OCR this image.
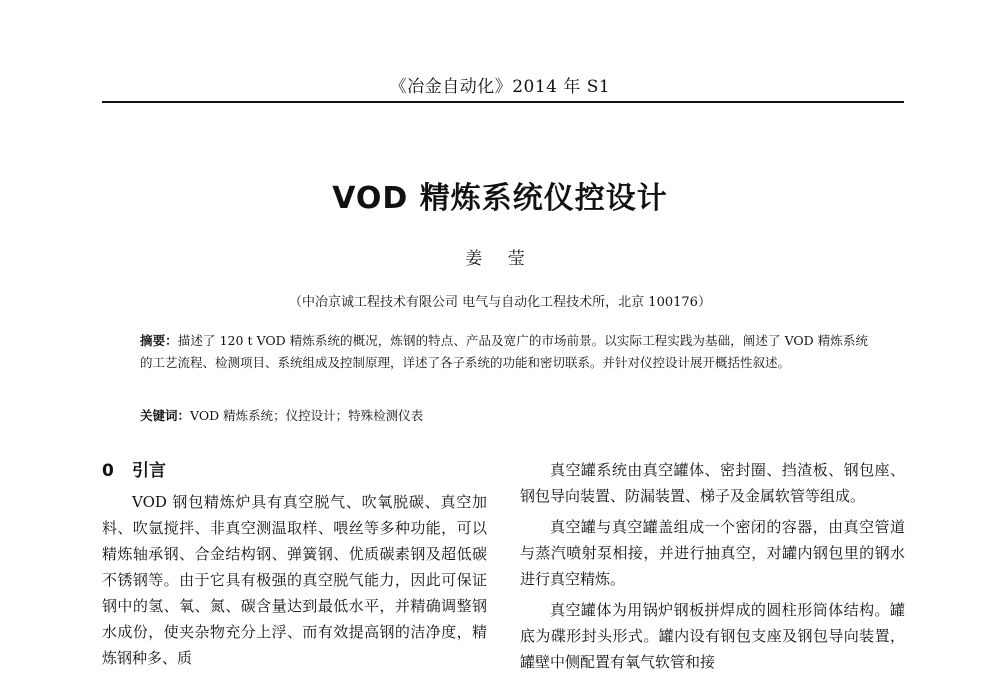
《冶金自动化》2014 年 S1
VOD 精炼系统仪控设计
姜 莹
（中冶京诚工程技术有限公司 电气与自动化工程技术所，北京 100176）

摘要：描述了 120 t VOD 精炼系统的概况，炼钢的特点、产品及宽广的市场前景。以实际工程实践为基础，阐述了 VOD 精炼系统的工艺流程、检测项目、系统组成及控制原理，详述了各子系统的功能和密切联系。并针对仪控设计展开概括性叙述。

关键词：VOD 精炼系统；仪控设计；特殊检测仪表

0 引言

VOD 钢包精炼炉具有真空脱气、吹氧脱碳、真空加料、吹氩搅拌、非真空测温取样、喂丝等多种功能，可以精炼轴承钢、合金结构钢、弹簧钢、优质碳素钢及超低碳不锈钢等。由于它具有极强的真空脱气能力，因此可保证钢中的氢、氧、氮、碳含量达到最低水平，并精确调整钢水成份，使夹杂物充分上浮、而有效提高钢的洁净度，精炼钢种多、质

真空罐系统由真空罐体、密封圈、挡渣板、钢包座、钢包导向装置、防漏装置、梯子及金属软管等组成。

真空罐与真空罐盖组成一个密闭的容器，由真空管道与蒸汽喷射泵相接，并进行抽真空，对罐内钢包里的钢水进行真空精炼。

真空罐体为用锅炉钢板拼焊成的圆柱形筒体结构。罐底为碟形封头形式。罐内设有钢包支座及钢包导向装置，罐壁中侧配置有氧气软管和接
